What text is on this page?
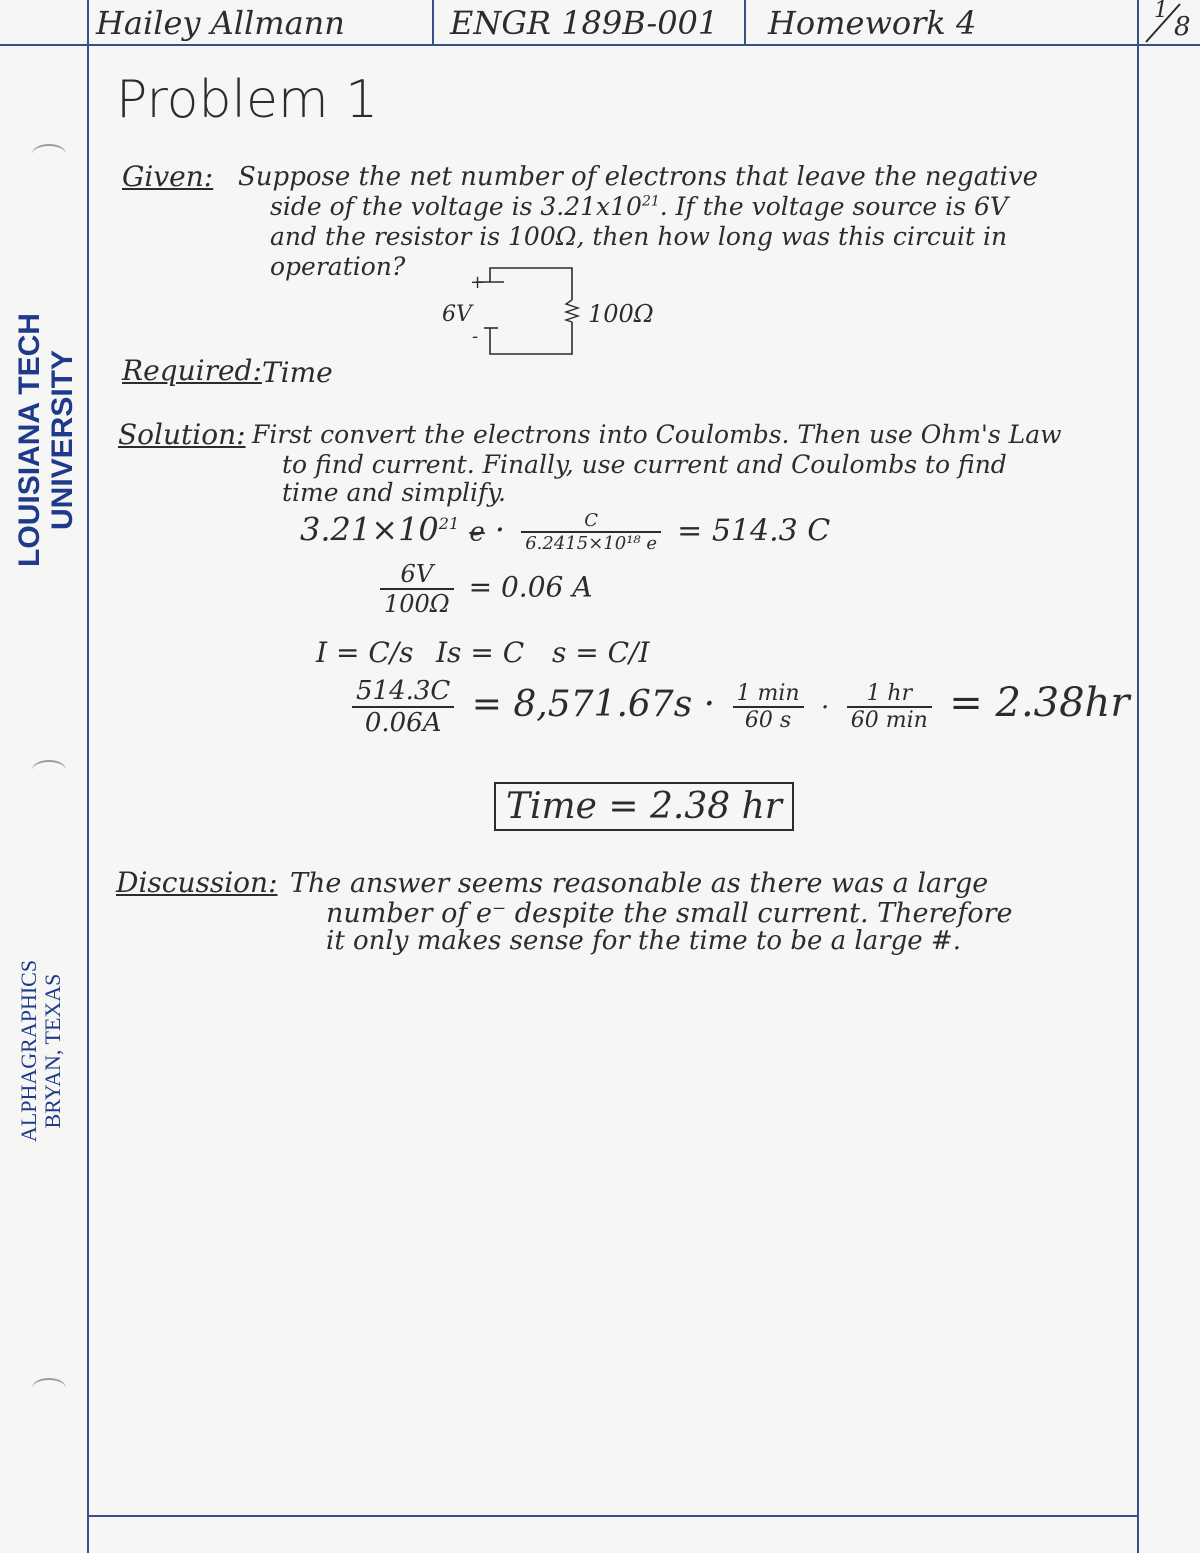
LOUISIANA TECH UNIVERSITY
ALPHAGRAPHICS BRYAN, TEXAS
Hailey Allmann	ENGR 189B-001 Homework 4	1
8
Problem 1
Given: Suppose the net number of electrons that leave the negative
side of the voltage is $3.21x10^{21}$. If the voltage source is 6V
and the resistor is 100Ω, then how long was this circuit in
operation?
+
6V
-
100Ω
Required: Time
Solution: First convert the electrons into Coulombs. Then use Ohm's Law
to find current. Finally, use current and Coulombs to find
time and simplify.
$3.21\times 10^{21}$ $e \cdot \frac{C}{\text{6.2415×10¹⁸ e}} = 514.3$ C
$\frac{6V}{100\Omega} = 0.06$ A
I = C/s Is = C s = C/I
$\frac{514.3C}{0.06A} = 8,571.67s \cdot \frac{1 \min}{60 s} \cdot \frac{1 hr}{60 \min} = 2.38hr$
Time = 2.38 hr
Discussion: The answer seems reasonable as there was a large
number of e⁻ despite the small current. Therefore
it only makes sense for the time to be a large #.
